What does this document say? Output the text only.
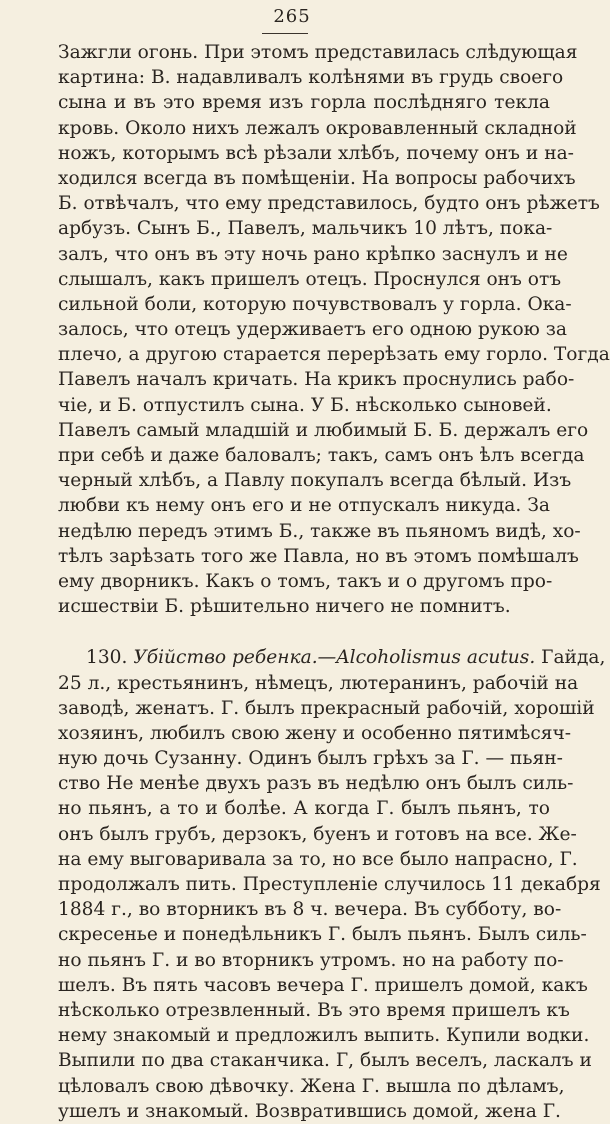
265
Зажгли огонь. При этомъ представилась слѣдующая
картина: В. надавливалъ колѣнями въ грудь своего
сына и въ это время изъ горла послѣдняго текла
кровь. Около нихъ лежалъ окровавленный складной
ножъ, которымъ всѣ рѣзали хлѣбъ, почему онъ и на-
ходился всегда въ помѣщеніи. На вопросы рабочихъ
Б. отвѣчалъ, что ему представилось, будто онъ рѣжетъ
арбузъ. Сынъ Б., Павелъ, мальчикъ 10 лѣтъ, пока-
залъ, что онъ въ эту ночь рано крѣпко заснулъ и не
слышалъ, какъ пришелъ отецъ. Проснулся онъ отъ
сильной боли, которую почувствовалъ у горла. Ока-
залось, что отецъ удерживаетъ его одною рукою за
плечо, а другою старается перерѣзать ему горло. Тогда
Павелъ началъ кричать. На крикъ проснулись рабо-
чіе, и Б. отпустилъ сына. У Б. нѣсколько сыновей.
Павелъ самый младшій и любимый Б. Б. держалъ его
при себѣ и даже баловалъ; такъ, самъ онъ ѣлъ всегда
черный хлѣбъ, а Павлу покупалъ всегда бѣлый. Изъ
любви къ нему онъ его и не отпускалъ никуда. За
недѣлю передъ этимъ Б., также въ пьяномъ видѣ, хо-
тѣлъ зарѣзать того же Павла, но въ этомъ помѣшалъ
ему дворникъ. Какъ о томъ, такъ и о другомъ про-
исшествіи Б. рѣшительно ничего не помнитъ.
130. Убійство ребенка.—Alcoholismus acutus. Гайда,
25 л., крестьянинъ, нѣмецъ, лютеранинъ, рабочій на
заводѣ, женатъ. Г. былъ прекрасный рабочій, хорошій
хозяинъ, любилъ свою жену и особенно пятимѣсяч-
ную дочь Сузанну. Одинъ былъ грѣхъ за Г. — пьян-
ство Не менѣе двухъ разъ въ недѣлю онъ былъ силь-
но пьянъ, а то и болѣе. А когда Г. былъ пьянъ, то
онъ былъ грубъ, дерзокъ, буенъ и готовъ на все. Же-
на ему выговаривала за то, но все было напрасно, Г.
продолжалъ пить. Преступленіе случилось 11 декабря
1884 г., во вторникъ въ 8 ч. вечера. Въ субботу, во-
скресенье и понедѣльникъ Г. былъ пьянъ. Былъ силь-
но пьянъ Г. и во вторникъ утромъ. но на работу по-
шелъ. Въ пять часовъ вечера Г. пришелъ домой, какъ
нѣсколько отрезвленный. Въ это время пришелъ къ
нему знакомый и предложилъ выпить. Купили водки.
Выпили по два стаканчика. Г, былъ веселъ, ласкалъ и
цѣловалъ свою дѣвочку. Жена Г. вышла по дѣламъ,
ушелъ и знакомый. Возвратившись домой, жена Г.
